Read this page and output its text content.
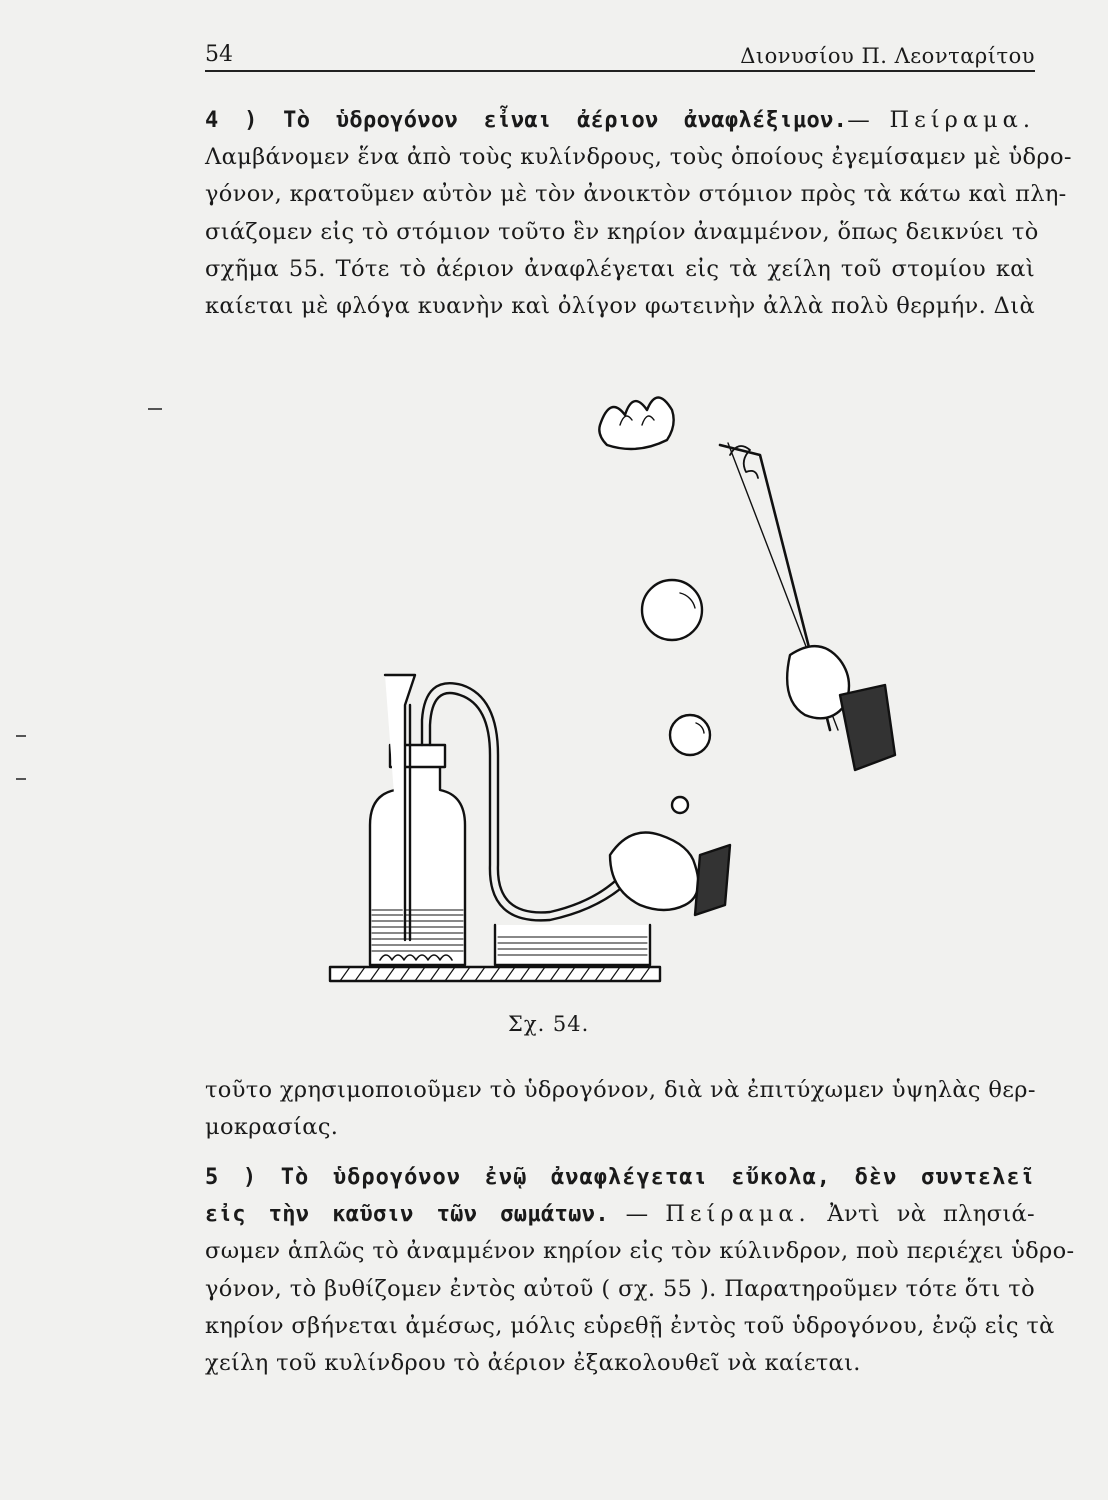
54	Διονυσίου Π. Λεονταρίτου
4 ) Τὸ ὑδρογόνον εἶναι ἀέριον ἀναφλέξιμον.— Πείραμα.
Λαμβάνομεν ἕνα ἀπὸ τοὺς κυλίνδρους, τοὺς ὁποίους ἐγεμίσαμεν μὲ ὑδρο-
γόνον, κρατοῦμεν αὐτὸν μὲ τὸν ἀνοικτὸν στόμιον πρὸς τὰ κάτω καὶ πλη-
σιάζομεν εἰς τὸ στόμιον τοῦτο ἓν κηρίον ἀναμμένον, ὅπως δεικνύει τὸ
σχῆμα 55. Τότε τὸ ἀέριον ἀναφλέγεται εἰς τὰ χείλη τοῦ στομίου καὶ
καίεται μὲ φλόγα κυανὴν καὶ ὀλίγον φωτεινὴν ἀλλὰ πολὺ θερμήν. Διὰ
Σχ. 54.
τοῦτο χρησιμοποιοῦμεν τὸ ὑδρογόνον, διὰ νὰ ἐπιτύχωμεν ὑψηλὰς θερ-
μοκρασίας.
5 ) Τὸ ὑδρογόνον ἐνῷ ἀναφλέγεται εὔκολα, δὲν συντελεῖ
εἰς τὴν καῦσιν τῶν σωμάτων. — Πείραμα. Ἀντὶ νὰ πλησιά-
σωμεν ἁπλῶς τὸ ἀναμμένον κηρίον εἰς τὸν κύλινδρον, ποὺ περιέχει ὑδρο-
γόνον, τὸ βυθίζομεν ἐντὸς αὐτοῦ ( σχ. 55 ). Παρατηροῦμεν τότε ὅτι τὸ
κηρίον σβήνεται ἀμέσως, μόλις εὑρεθῇ ἐντὸς τοῦ ὑδρογόνου, ἐνῷ εἰς τὰ
χείλη τοῦ κυλίνδρου τὸ ἀέριον ἐξακολουθεῖ νὰ καίεται.
